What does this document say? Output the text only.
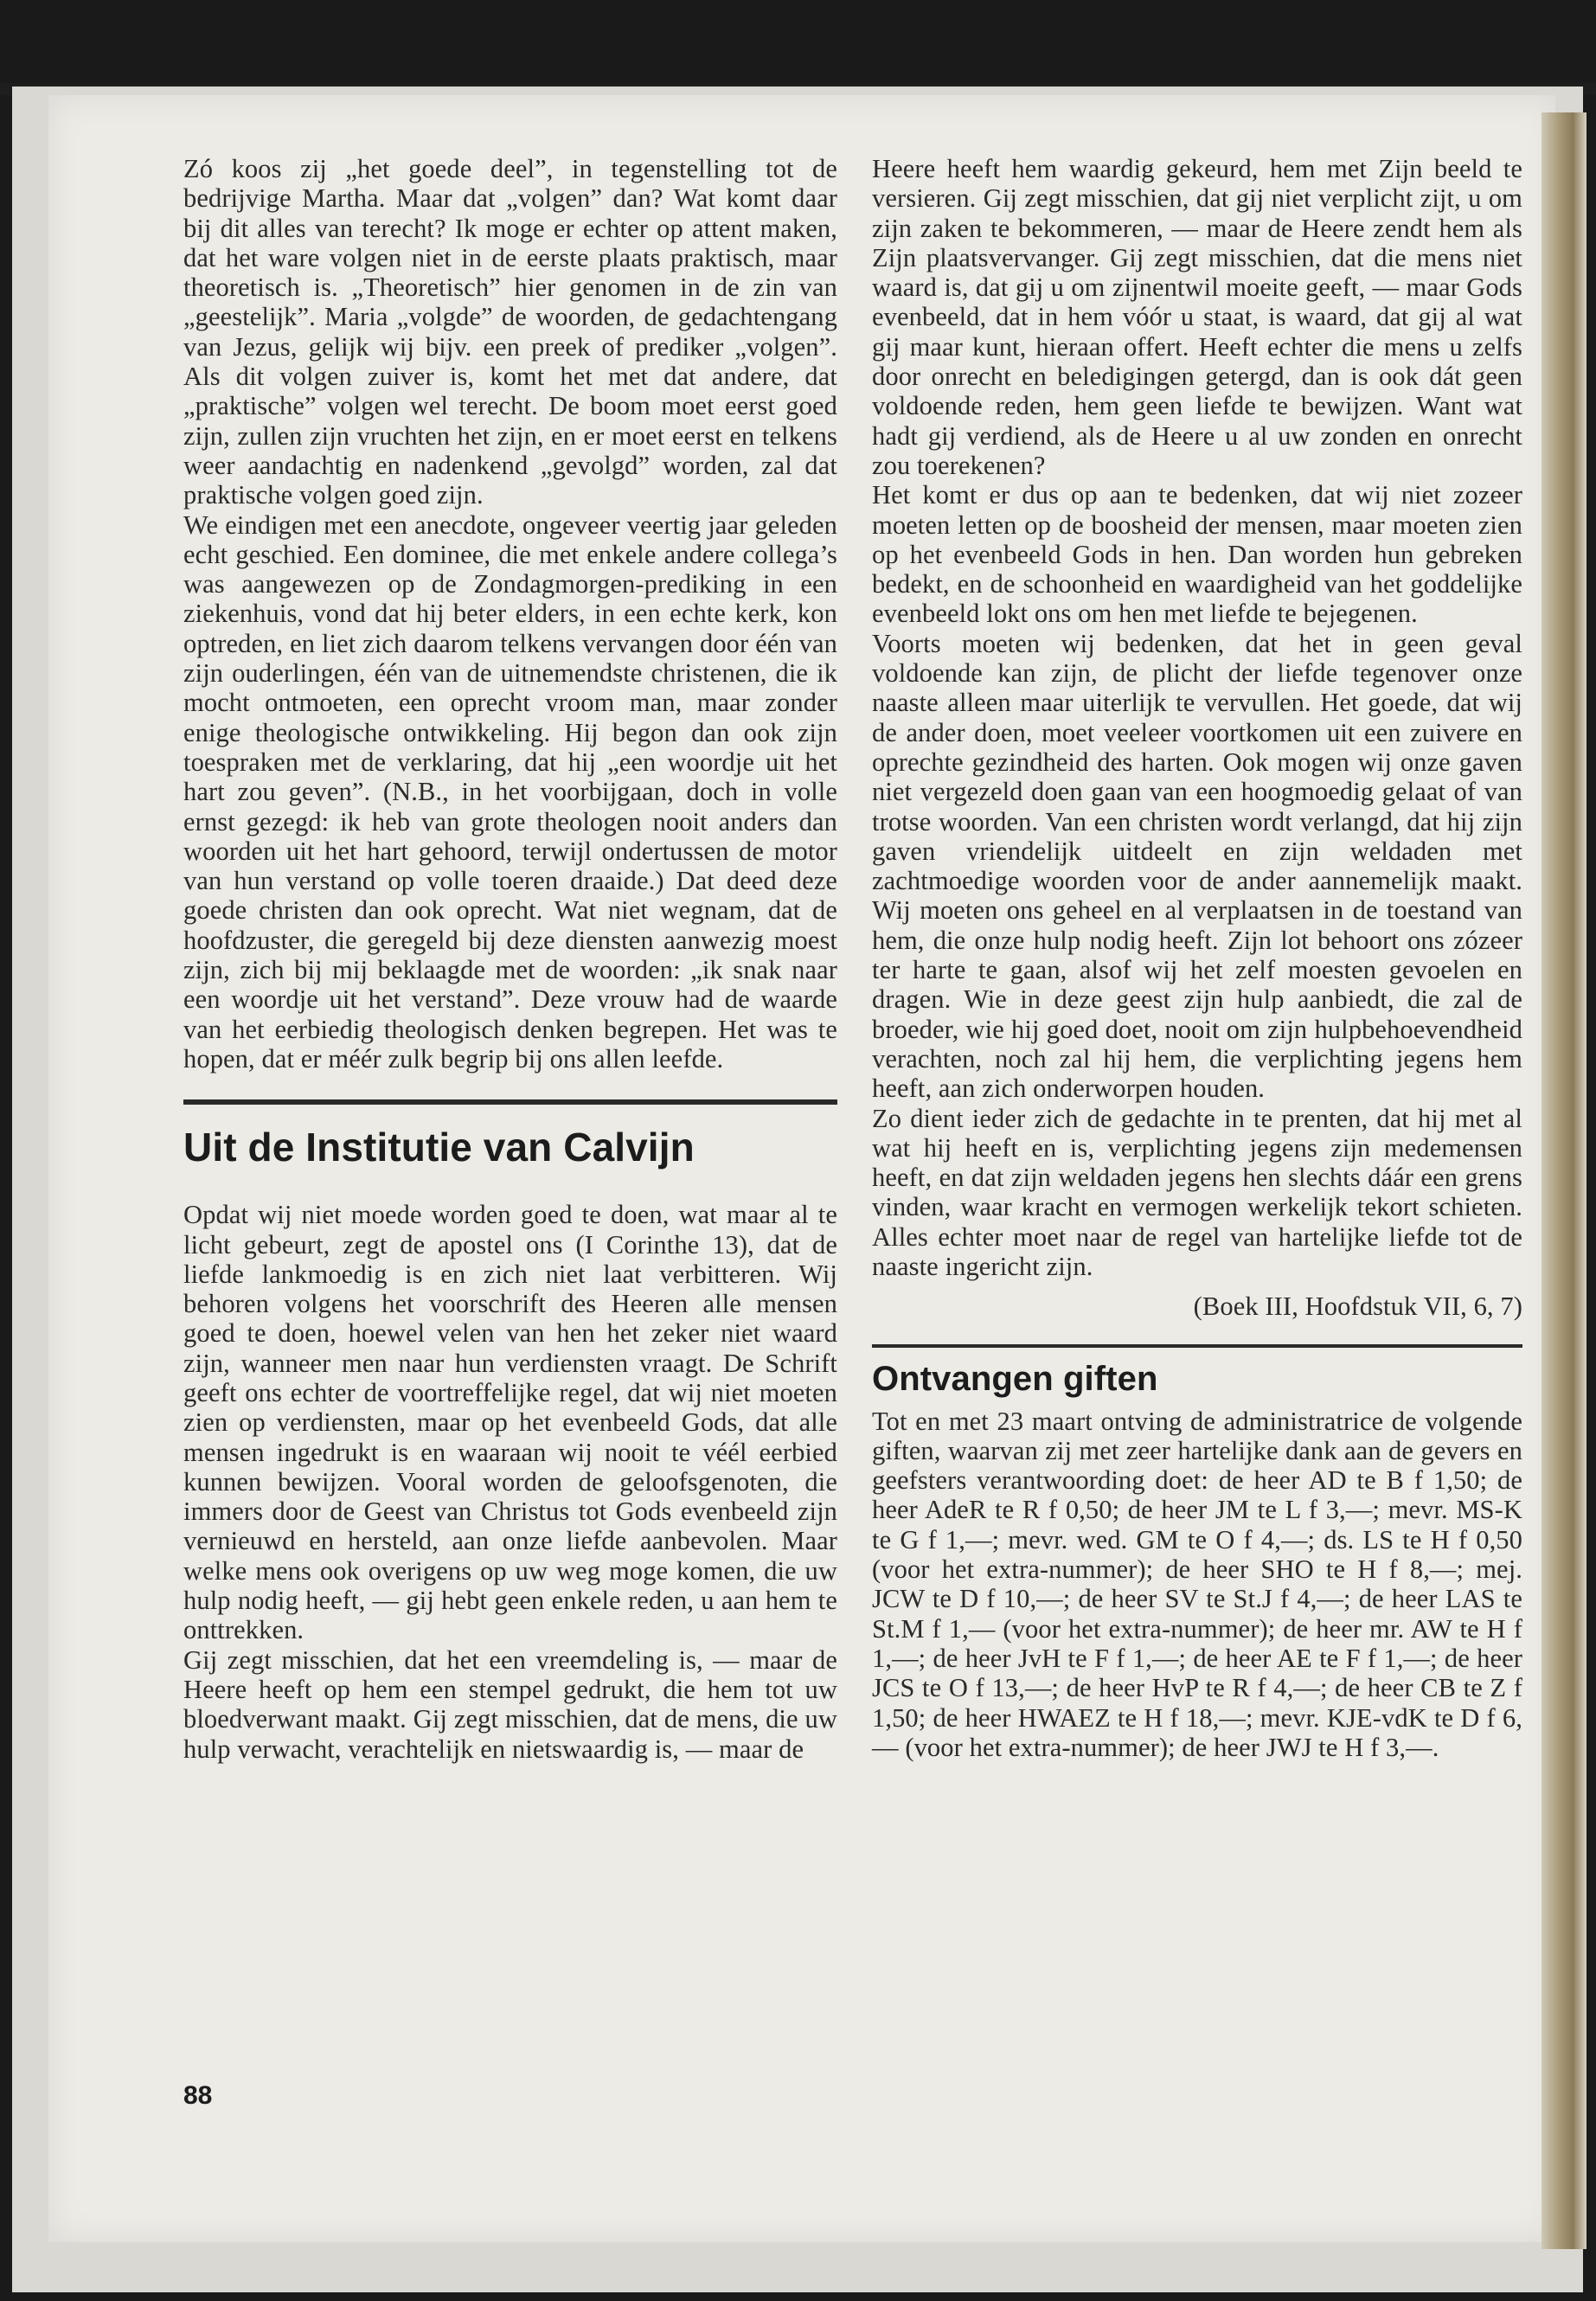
Zó koos zij „het goede deel”, in tegenstelling tot de bedrijvige Martha. Maar dat „volgen” dan? Wat komt daar bij dit alles van terecht? Ik moge er echter op attent maken, dat het ware volgen niet in de eerste plaats praktisch, maar theoretisch is. „Theoretisch” hier genomen in de zin van „geestelijk”. Maria „volgde” de woorden, de gedachtengang van Jezus, gelijk wij bijv. een preek of prediker „volgen”. Als dit volgen zuiver is, komt het met dat andere, dat „praktische” volgen wel terecht. De boom moet eerst goed zijn, zullen zijn vruchten het zijn, en er moet eerst en telkens weer aandachtig en nadenkend „gevolgd” worden, zal dat praktische volgen goed zijn.

We eindigen met een anecdote, ongeveer veertig jaar geleden echt geschied. Een dominee, die met enkele andere collega’s was aangewezen op de Zondagmorgen-prediking in een ziekenhuis, vond dat hij beter elders, in een echte kerk, kon optreden, en liet zich daarom telkens vervangen door één van zijn ouderlingen, één van de uitnemendste christenen, die ik mocht ontmoeten, een oprecht vroom man, maar zonder enige theologische ontwikkeling. Hij begon dan ook zijn toespraken met de verklaring, dat hij „een woordje uit het hart zou geven”. (N.B., in het voorbijgaan, doch in volle ernst gezegd: ik heb van grote theologen nooit anders dan woorden uit het hart gehoord, terwijl ondertussen de motor van hun verstand op volle toeren draaide.) Dat deed deze goede christen dan ook oprecht. Wat niet wegnam, dat de hoofdzuster, die geregeld bij deze diensten aanwezig moest zijn, zich bij mij beklaagde met de woorden: „ik snak naar een woordje uit het verstand”. Deze vrouw had de waarde van het eerbiedig theologisch denken begrepen. Het was te hopen, dat er méér zulk begrip bij ons allen leefde.

Uit de Institutie van Calvijn

Opdat wij niet moede worden goed te doen, wat maar al te licht gebeurt, zegt de apostel ons (I Corinthe 13), dat de liefde lankmoedig is en zich niet laat verbitteren. Wij behoren volgens het voorschrift des Heeren alle mensen goed te doen, hoewel velen van hen het zeker niet waard zijn, wanneer men naar hun verdiensten vraagt. De Schrift geeft ons echter de voortreffelijke regel, dat wij niet moeten zien op verdiensten, maar op het evenbeeld Gods, dat alle mensen ingedrukt is en waaraan wij nooit te véél eerbied kunnen bewijzen. Vooral worden de geloofsgenoten, die immers door de Geest van Christus tot Gods evenbeeld zijn vernieuwd en hersteld, aan onze liefde aanbevolen. Maar welke mens ook overigens op uw weg moge komen, die uw hulp nodig heeft, — gij hebt geen enkele reden, u aan hem te onttrekken.

Gij zegt misschien, dat het een vreemdeling is, — maar de Heere heeft op hem een stempel gedrukt, die hem tot uw bloedverwant maakt. Gij zegt misschien, dat de mens, die uw hulp verwacht, verachtelijk en nietswaardig is, — maar de

88

Heere heeft hem waardig gekeurd, hem met Zijn beeld te versieren. Gij zegt misschien, dat gij niet verplicht zijt, u om zijn zaken te bekommeren, — maar de Heere zendt hem als Zijn plaatsvervanger. Gij zegt misschien, dat die mens niet waard is, dat gij u om zijnentwil moeite geeft, — maar Gods evenbeeld, dat in hem vóór u staat, is waard, dat gij al wat gij maar kunt, hieraan offert. Heeft echter die mens u zelfs door onrecht en beledigingen getergd, dan is ook dát geen voldoende reden, hem geen liefde te bewijzen. Want wat hadt gij verdiend, als de Heere u al uw zonden en onrecht zou toerekenen?

Het komt er dus op aan te bedenken, dat wij niet zozeer moeten letten op de boosheid der mensen, maar moeten zien op het evenbeeld Gods in hen. Dan worden hun gebreken bedekt, en de schoonheid en waardigheid van het goddelijke evenbeeld lokt ons om hen met liefde te bejegenen.

Voorts moeten wij bedenken, dat het in geen geval voldoende kan zijn, de plicht der liefde tegenover onze naaste alleen maar uiterlijk te vervullen. Het goede, dat wij de ander doen, moet veeleer voortkomen uit een zuivere en oprechte gezindheid des harten. Ook mogen wij onze gaven niet vergezeld doen gaan van een hoogmoedig gelaat of van trotse woorden. Van een christen wordt verlangd, dat hij zijn gaven vriendelijk uitdeelt en zijn weldaden met zachtmoedige woorden voor de ander aannemelijk maakt. Wij moeten ons geheel en al verplaatsen in de toestand van hem, die onze hulp nodig heeft. Zijn lot behoort ons zózeer ter harte te gaan, alsof wij het zelf moesten gevoelen en dragen. Wie in deze geest zijn hulp aanbiedt, die zal de broeder, wie hij goed doet, nooit om zijn hulpbehoevendheid verachten, noch zal hij hem, die verplichting jegens hem heeft, aan zich onderworpen houden.

Zo dient ieder zich de gedachte in te prenten, dat hij met al wat hij heeft en is, verplichting jegens zijn medemensen heeft, en dat zijn weldaden jegens hen slechts dáár een grens vinden, waar kracht en vermogen werkelijk tekort schieten. Alles echter moet naar de regel van hartelijke liefde tot de naaste ingericht zijn.

(Boek III, Hoofdstuk VII, 6, 7)

Ontvangen giften

Tot en met 23 maart ontving de administratrice de volgende giften, waarvan zij met zeer hartelijke dank aan de gevers en geefsters verantwoording doet: de heer AD te B f 1,50; de heer AdeR te R f 0,50; de heer JM te L f 3,—; mevr. MS-K te G f 1,—; mevr. wed. GM te O f 4,—; ds. LS te H f 0,50 (voor het extra-nummer); de heer SHO te H f 8,—; mej. JCW te D f 10,—; de heer SV te St.J f 4,—; de heer LAS te St.M f 1,— (voor het extra-nummer); de heer mr. AW te H f 1,—; de heer JvH te F f 1,—; de heer AE te F f 1,—; de heer JCS te O f 13,—; de heer HvP te R f 4,—; de heer CB te Z f 1,50; de heer HWAEZ te H f 18,—; mevr. KJE-vdK te D f 6,— (voor het extra-nummer); de heer JWJ te H f 3,—.
